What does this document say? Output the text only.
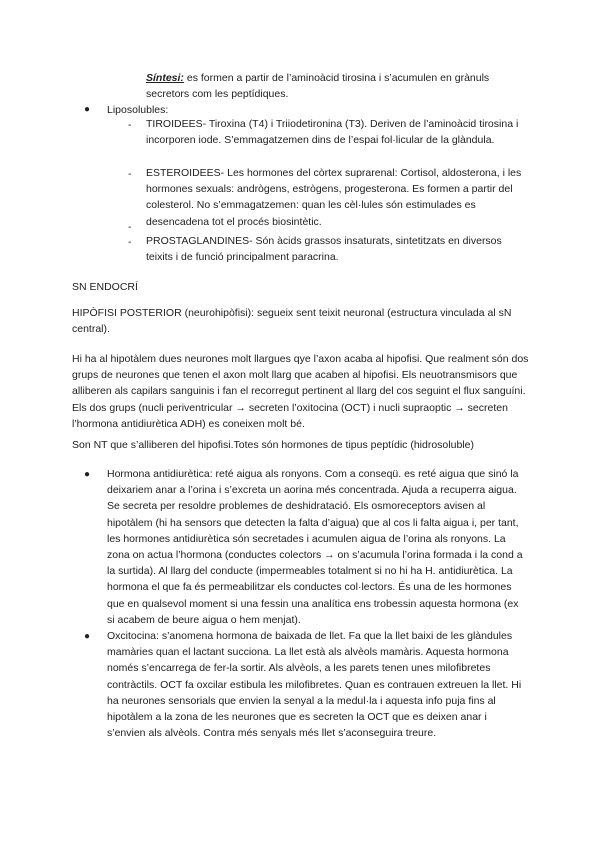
Síntesi: es formen a partir de l’aminoàcid tirosina i s’acumulen en grànuls secretors com les peptídiques.

● Liposolubles:

- TIROIDEES- Tiroxina (T4) i Triiodetironina (T3). Deriven de l’aminoàcid tirosina i incorporen iode. S’emmagatzemen dins de l’espai fol·licular de la glàndula.

- ESTEROIDEES- Les hormones del còrtex suprarenal: Cortisol, aldosterona, i les hormones sexuals: andrògens, estrògens, progesterona. Es formen a partir del colesterol. No s’emmagatzemen: quan les cèl·lules són estimulades es desencadena tot el procés biosintètic.

-

- PROSTAGLANDINES- Són àcids grassos insaturats, sintetitzats en diversos teixits i de funció principalment paracrina.

SN ENDOCRÍ

HIPÒFISI POSTERIOR (neurohipòfisi): segueix sent teixit neuronal (estructura vinculada al sN central).

Hi ha al hipotàlem dues neurones molt llargues qye l’axon acaba al hipofisi. Que realment són dos grups de neurones que tenen el axon molt llarg que acaben al hipofisi. Els neuotransmisors que alliberen als capilars sanguinis i fan el recorregut pertinent al llarg del cos seguint el flux sanguíni. Els dos grups (nucli periventricular → secreten l’oxitocina (OCT) i nucli supraoptic → secreten l’hormona antidiurètica ADH) es coneixen molt bé.

Son NT que s’alliberen del hipofisi.Totes són hormones de tipus peptídic (hidrosoluble)

● Hormona antidiurètica: reté aigua als ronyons. Com a conseqü. es reté aigua que sinó la deixariem anar a l’orina i s’excreta un aorina més concentrada. Ajuda a recuperra aigua. Se secreta per resoldre problemes de deshidratació. Els osmoreceptors avisen al hipotàlem (hi ha sensors que detecten la falta d’aigua) que al cos li falta aigua i, per tant, les hormones antidiurètica són secretades i acumulen aigua de l’orina als ronyons. La zona on actua l’hormona (conductes colectors → on s’acumula l’orina formada i la cond a la surtida). Al llarg del conducte (impermeables totalment si no hi ha H. antidiurètica. La hormona el que fa és permeabilitzar els conductes col·lectors. És una de les hormones que en qualsevol moment si una fessin una analítica ens trobessin aquesta hormona (ex si acabem de beure aigua o hem menjat).

● Oxcitocina: s’anomena hormona de baixada de llet. Fa que la llet baixi de les glàndules mamàries quan el lactant succiona. La llet està als alvèols mamàris. Aquesta hormona només s’encarrega de fer-la sortir. Als alvèols, a les parets tenen unes milofibretes contràctils. OCT fa oxcilar estibula les milofibretes. Quan es contrauen extreuen la llet. Hi ha neurones sensorials que envien la senyal a la medul·la i aquesta info puja fins al hipotàlem a la zona de les neurones que es secreten la OCT que es deixen anar i s’envien als alvèols. Contra més senyals més llet s’aconseguira treure.
